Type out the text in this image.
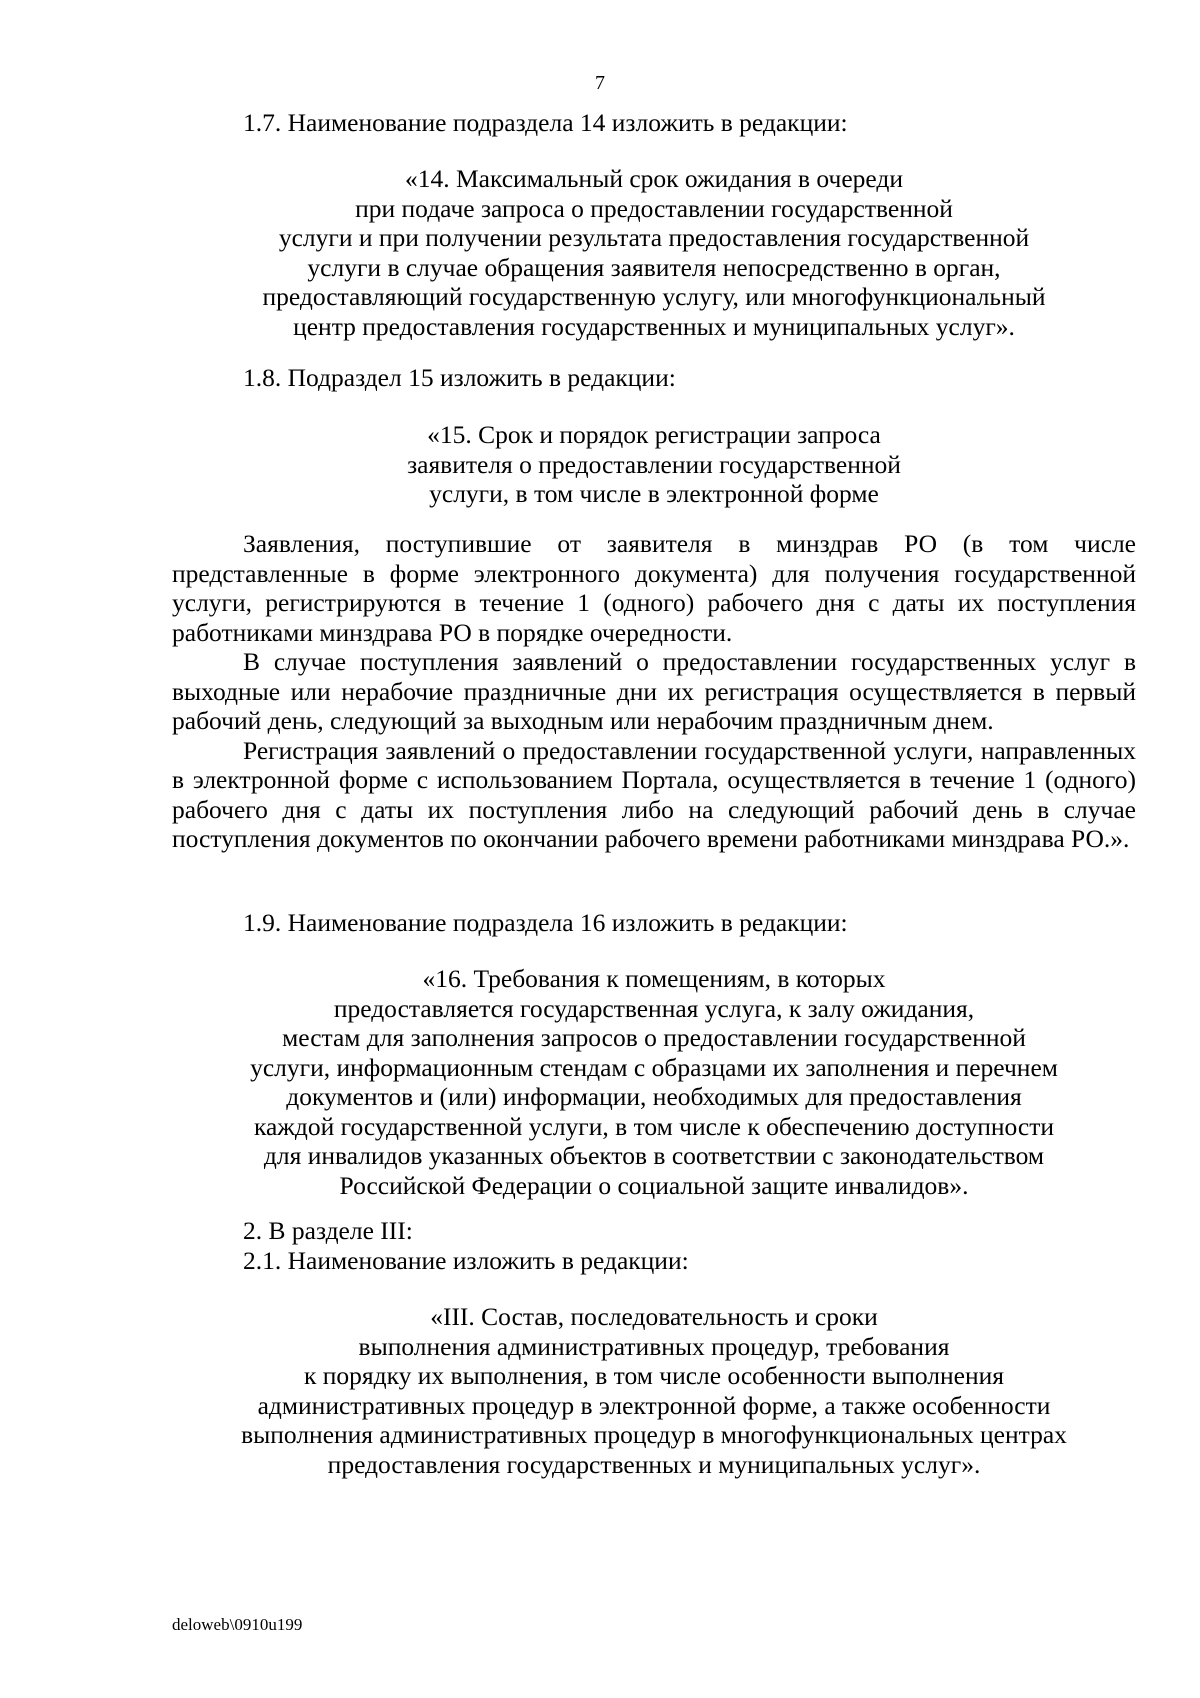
7

1.7. Наименование подраздела 14 изложить в редакции:

«14. Максимальный срок ожидания в очереди

при подаче запроса о предоставлении государственной

услуги и при получении результата предоставления государственной

услуги в случае обращения заявителя непосредственно в орган,

предоставляющий государственную услугу, или многофункциональный

центр предоставления государственных и муниципальных услуг».

1.8. Подраздел 15 изложить в редакции:

«15. Срок и порядок регистрации запроса

заявителя о предоставлении государственной

услуги, в том числе в электронной форме

Заявления, поступившие от заявителя в минздрав РО (в том числе представленные в форме электронного документа) для получения государственной услуги, регистрируются в течение 1 (одного) рабочего дня с даты их поступления работниками минздрава РО в порядке очередности.

В случае поступления заявлений о предоставлении государственных услуг в выходные или нерабочие праздничные дни их регистрация осуществляется в первый рабочий день, следующий за выходным или нерабочим праздничным днем.

Регистрация заявлений о предоставлении государственной услуги, направленных в электронной форме с использованием Портала, осуществляется в течение 1 (одного) рабочего дня с даты их поступления либо на следующий рабочий день в случае поступления документов по окончании рабочего времени работниками минздрава РО.».

1.9. Наименование подраздела 16 изложить в редакции:

«16. Требования к помещениям, в которых

предоставляется государственная услуга, к залу ожидания,

местам для заполнения запросов о предоставлении государственной

услуги, информационным стендам с образцами их заполнения и перечнем

документов и (или) информации, необходимых для предоставления

каждой государственной услуги, в том числе к обеспечению доступности

для инвалидов указанных объектов в соответствии с законодательством

Российской Федерации о социальной защите инвалидов».

2. В разделе III:

2.1. Наименование изложить в редакции:

«III. Состав, последовательность и сроки

выполнения административных процедур, требования

к порядку их выполнения, в том числе особенности выполнения

административных процедур в электронной форме, а также особенности

выполнения административных процедур в многофункциональных центрах

предоставления государственных и муниципальных услуг».

deloweb\0910u199
